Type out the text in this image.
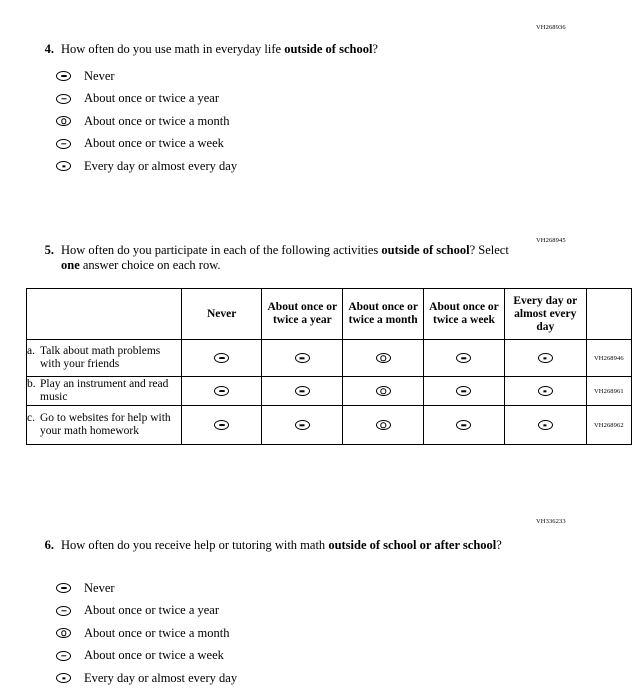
VH268936
VH268945
VH336233
4. How often do you use math in everyday life outside of school?
Never
About once or twice a year
About once or twice a month
About once or twice a week
Every day or almost every day
5. How often do you participate in each of the following activities outside of school? Select one answer choice on each row.
	Never	About once or twice a year	About once or twice a month	About once or twice a week	Every day or almost every day	

a. Talk about math problems with your friends						VH268946

b. Play an instrument and read music						VH268961

c. Go to websites for help with your math homework						VH268962
6. How often do you receive help or tutoring with math outside of school or after school?
Never
About once or twice a year
About once or twice a month
About once or twice a week
Every day or almost every day
